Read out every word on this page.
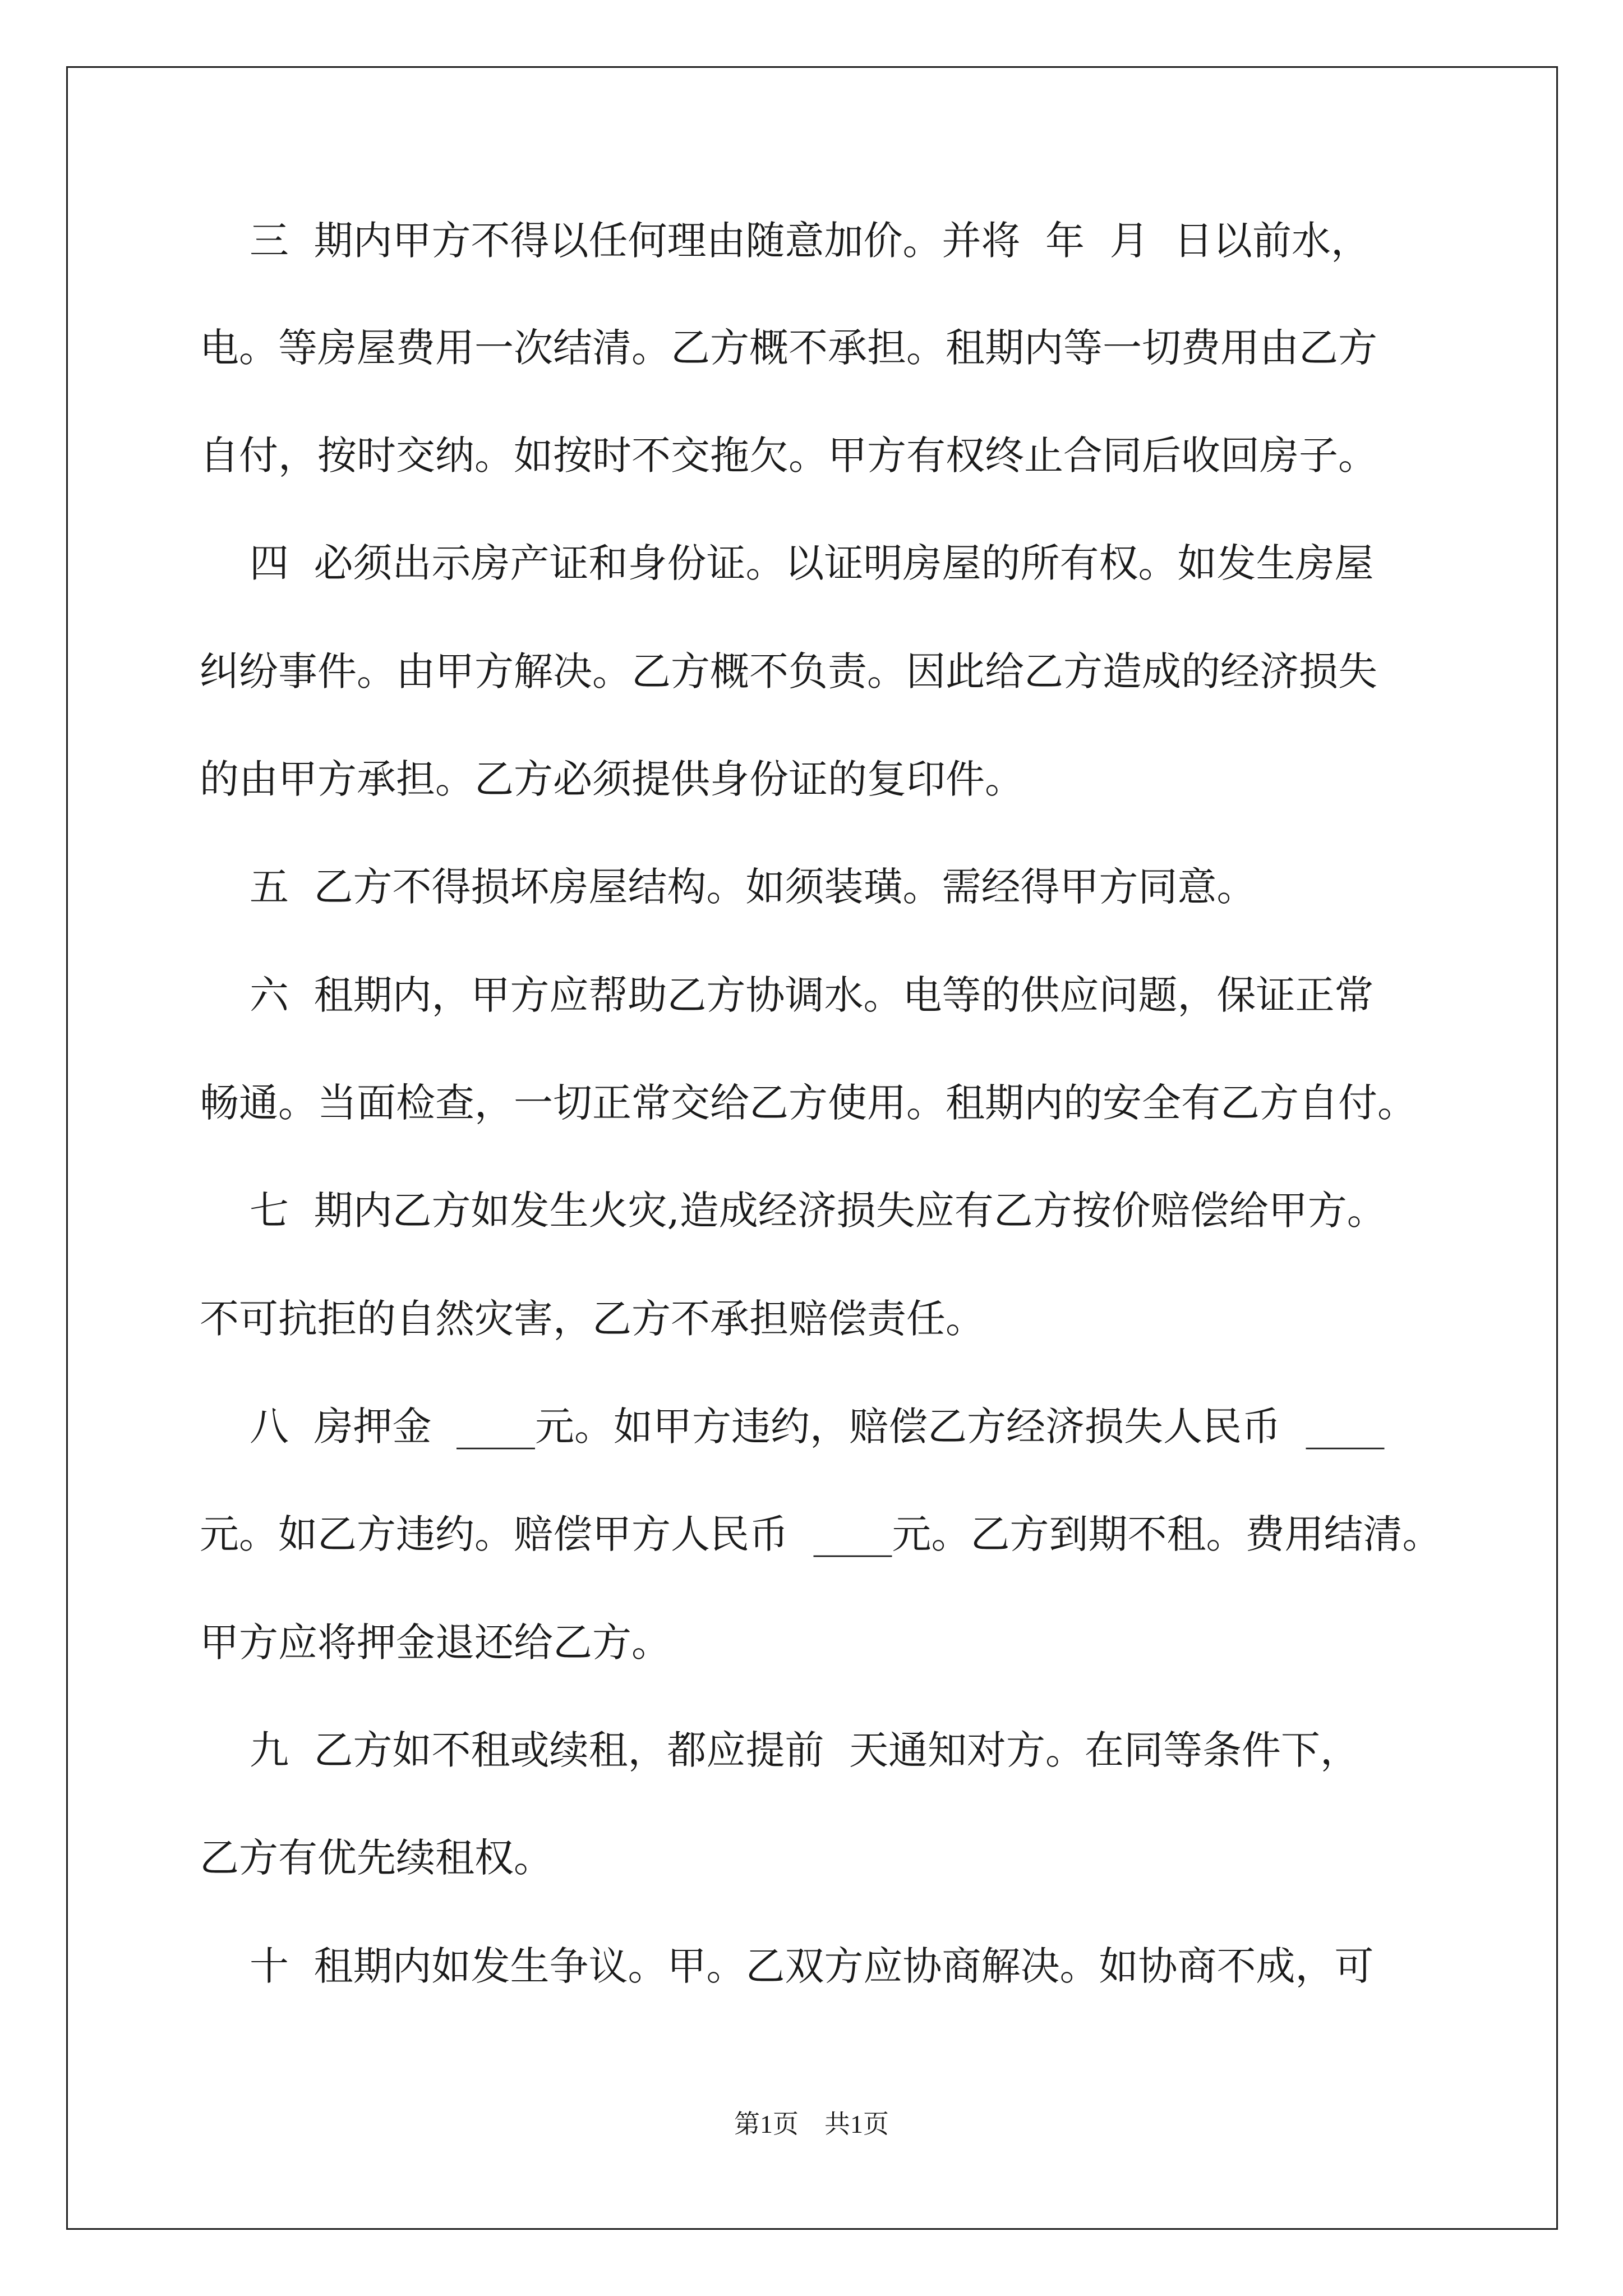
三  期内甲方不得以任何理由随意加价。并将  年  月  日以前水，
电。等房屋费用一次结清。乙方概不承担。租期内等一切费用由乙方
自付，按时交纳。如按时不交拖欠。甲方有权终止合同后收回房子。
四  必须出示房产证和身份证。以证明房屋的所有权。如发生房屋
纠纷事件。由甲方解决。乙方概不负责。因此给乙方造成的经济损失
的由甲方承担。乙方必须提供身份证的复印件。
五  乙方不得损坏房屋结构。如须装璜。需经得甲方同意。
六  租期内，甲方应帮助乙方协调水。电等的供应问题，保证正常
畅通。当面检查，一切正常交给乙方使用。租期内的安全有乙方自付。
七  期内乙方如发生火灾,造成经济损失应有乙方按价赔偿给甲方。
不可抗拒的自然灾害，乙方不承担赔偿责任。
八  房押金  ____元。如甲方违约，赔偿乙方经济损失人民币  ____
元。如乙方违约。赔偿甲方人民币  ____元。乙方到期不租。费用结清。
甲方应将押金退还给乙方。
九  乙方如不租或续租，都应提前  天通知对方。在同等条件下，
乙方有优先续租权。
十  租期内如发生争议。甲。乙双方应协商解决。如协商不成，可
第1页    共1页
